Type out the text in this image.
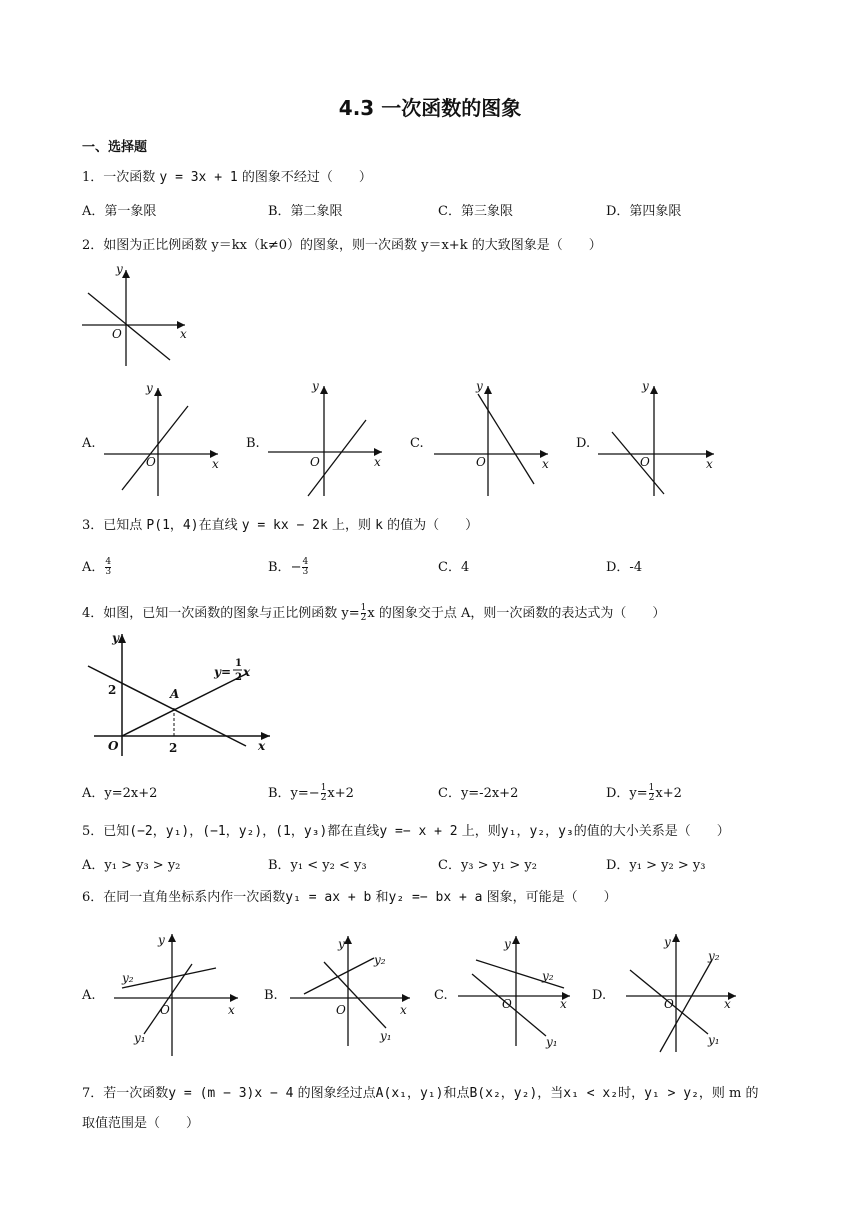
4.3 一次函数的图象
一、选择题
1．一次函数 y = 3x + 1 的图象不经过（　　）
A．第一象限	B．第二象限	C．第三象限	D．第四象限
2．如图为正比例函数 y＝kx（k≠0）的图象，则一次函数 y＝x+k 的大致图象是（　　）
y
x
O
A.
y
x
O
B.
y
x
O
C.
y
x
O
D.
y
x
O
3．已知点 P(1，4)在直线 y = kx − 2k 上，则 k 的值为（　　）
A． $\frac{4}{3}$	B．− $\frac{4}{3}$	C．4	D．-4
4．如图，已知一次函数的图象与正比例函数 $y= \frac{1}{2}$ x 的图象交于点 A，则一次函数的表达式为（　　）
y
x
O
2
2
A
y=
1
2 x
A．y=2x+2	B．$y=- \frac{1}{2} x+2$	C．y=-2x+2	D．$y= \frac{1}{2} x+2$
5．已知(−2，y₁)，(−1，y₂)，(1，y₃)都在直线y =− x + 2 上，则y₁，y₂，y₃的值的大小关系是（　　）
A．y₁ > y₃ > y₂	B．y₁ < y₂ < y₃	C．y₃ > y₁ > y₂	D．y₁ > y₂ > y₃
6．在同一直角坐标系内作一次函数y₁ = ax + b 和y₂ =− bx + a 图象，可能是（　　）
A.
y
x
O
y₂
y₁
B.
y
x
O
y₂
y₁
C.
y
x
O
y₂
y₁
D.
y
x
O
y₂
y₁
7．若一次函数y = (m − 3)x − 4 的图象经过点A(x₁，y₁)和点B(x₂，y₂)，当x₁ < x₂时，y₁ > y₂，则 m 的
取值范围是（　　）
